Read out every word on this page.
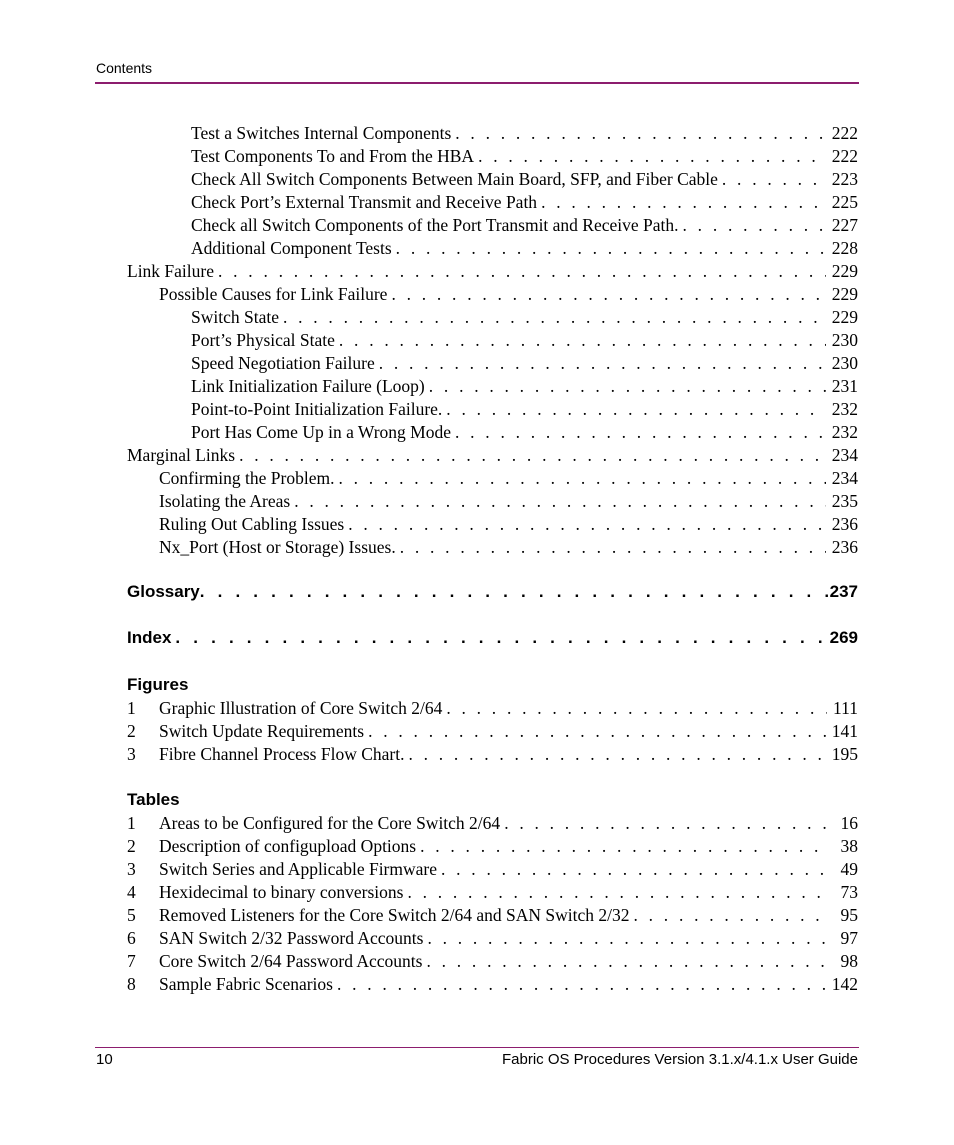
Contents
Test a Switches Internal Components . . .	222
Test Components To and From the HBA . . .	222
Check All Switch Components Between Main Board, SFP, and Fiber Cable . . .	223
Check Port’s External Transmit and Receive Path . . .	225
Check all Switch Components of the Port Transmit and Receive Path. . . .	227
Additional Component Tests . . .	228
Link Failure . . .	229
Possible Causes for Link Failure . . .	229
Switch State . . .	229
Port’s Physical State . . .	230
Speed Negotiation Failure . . .	230
Link Initialization Failure (Loop) . . .	231
Point-to-Point Initialization Failure. . . .	232
Port Has Come Up in a Wrong Mode . . .	232
Marginal Links . . .	234
Confirming the Problem. . . .	234
Isolating the Areas . . .	235
Ruling Out Cabling Issues . . .	236
Nx_Port (Host or Storage) Issues. . . .	236
Glossary . . .	237
Index . . .	269
Figures
1	Graphic Illustration of Core Switch 2/64 . . .	111
2	Switch Update Requirements . . .	141
3	Fibre Channel Process Flow Chart. . . .	195
Tables
1	Areas to be Configured for the Core Switch 2/64 . . .	16
2	Description of configupload Options . . .	38
3	Switch Series and Applicable Firmware . . .	49
4	Hexidecimal to binary conversions . . .	73
5	Removed Listeners for the Core Switch 2/64 and SAN Switch 2/32 . . .	95
6	SAN Switch 2/32 Password Accounts . . .	97
7	Core Switch 2/64 Password Accounts . . .	98
8	Sample Fabric Scenarios . . .	142
10	Fabric OS Procedures Version 3.1.x/4.1.x User Guide
